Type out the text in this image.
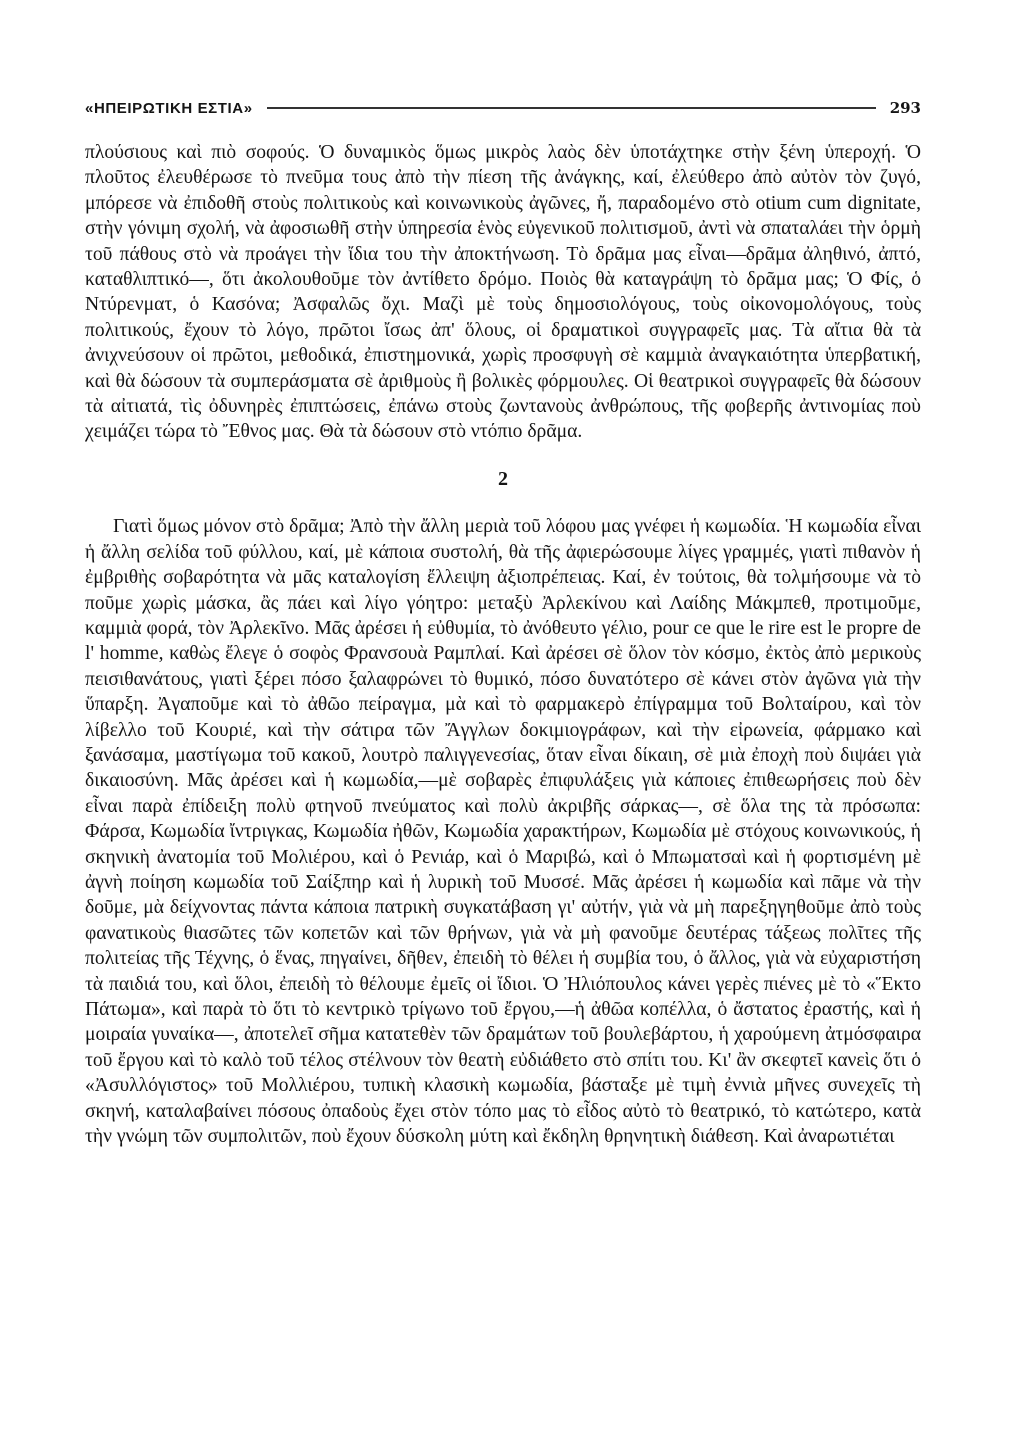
«ΗΠΕΙΡΩΤΙΚΗ ΕΣΤΙΑ»	293

πλούσιους καὶ πιὸ σοφούς. Ὁ δυναμικὸς ὅμως μικρὸς λαὸς δὲν ὑποτάχτηκε στὴν ξένη ὑπεροχή. Ὁ πλοῦτος ἐλευθέρωσε τὸ πνεῦμα τους ἀπὸ τὴν πίεση τῆς ἀνάγκης, καί, ἐλεύθερο ἀπὸ αὐτὸν τὸν ζυγό, μπόρεσε νὰ ἐπιδοθῆ στοὺς πολιτικοὺς καὶ κοινωνικοὺς ἀγῶνες, ἤ, παραδομένο στὸ otium cum dignitate, στὴν γόνιμη σχολή, νὰ ἀφοσιωθῆ στὴν ὑπηρεσία ἑνὸς εὐγενικοῦ πολιτισμοῦ, ἀντὶ νὰ σπαταλάει τὴν ὁρμὴ τοῦ πάθους στὸ νὰ προάγει τὴν ἴδια του τὴν ἀποκτήνωση. Τὸ δρᾶμα μας εἶναι—δρᾶμα ἀληθινό, ἀπτό, καταθλιπτικό—, ὅτι ἀκολουθοῦμε τὸν ἀντίθετο δρόμο. Ποιὸς θὰ καταγράψη τὸ δρᾶμα μας; Ὁ Φίς, ὁ Ντύρενματ, ὁ Κασόνα; Ἀσφαλῶς ὄχι. Μαζὶ μὲ τοὺς δημοσιολόγους, τοὺς οἰκονομολόγους, τοὺς πολιτικούς, ἔχουν τὸ λόγο, πρῶτοι ἴσως ἀπ' ὅλους, οἱ δραματικοὶ συγγραφεῖς μας. Τὰ αἴτια θὰ τὰ ἀνιχνεύσουν οἱ πρῶτοι, μεθοδικά, ἐπιστημονικά, χωρὶς προσφυγὴ σὲ καμμιὰ ἀναγκαιότητα ὑπερβατική, καὶ θὰ δώσουν τὰ συμπεράσματα σὲ ἀριθμοὺς ἢ βολικὲς φόρμουλες. Οἱ θεατρικοὶ συγγραφεῖς θὰ δώσουν τὰ αἰτιατά, τὶς ὀδυνηρὲς ἐπιπτώσεις, ἐπάνω στοὺς ζωντανοὺς ἀνθρώπους, τῆς φοβερῆς ἀντινομίας ποὺ χειμάζει τώρα τὸ Ἔθνος μας. Θὰ τὰ δώσουν στὸ ντόπιο δρᾶμα.

2

Γιατὶ ὅμως μόνον στὸ δρᾶμα; Ἀπὸ τὴν ἄλλη μεριὰ τοῦ λόφου μας γνέφει ἡ κωμωδία. Ἡ κωμωδία εἶναι ἡ ἄλλη σελίδα τοῦ φύλλου, καί, μὲ κάποια συστολή, θὰ τῆς ἀφιερώσουμε λίγες γραμμές, γιατὶ πιθανὸν ἡ ἐμβριθὴς σοβαρότητα νὰ μᾶς καταλογίση ἔλλειψη ἀξιοπρέπειας. Καί, ἐν τούτοις, θὰ τολμήσουμε νὰ τὸ ποῦμε χωρὶς μάσκα, ἂς πάει καὶ λίγο γόητρο: μεταξὺ Ἀρλεκίνου καὶ Λαίδης Μάκμπεθ, προτιμοῦμε, καμμιὰ φορά, τὸν Ἀρλεκῖνο. Μᾶς ἀρέσει ἡ εὐθυμία, τὸ ἀνόθευτο γέλιο, pour ce que le rire est le propre de l' homme, καθὼς ἔλεγε ὁ σοφὸς Φρανσουὰ Ραμπλαί. Καὶ ἀρέσει σὲ ὅλον τὸν κόσμο, ἐκτὸς ἀπὸ μερικοὺς πεισιθανάτους, γιατὶ ξέρει πόσο ξαλαφρώνει τὸ θυμικό, πόσο δυνατότερο σὲ κάνει στὸν ἀγῶνα γιὰ τὴν ὕπαρξη. Ἀγαποῦμε καὶ τὸ ἀθῶο πείραγμα, μὰ καὶ τὸ φαρμακερὸ ἐπίγραμμα τοῦ Βολταίρου, καὶ τὸν λίβελλο τοῦ Κουριέ, καὶ τὴν σάτιρα τῶν Ἄγγλων δοκιμιογράφων, καὶ τὴν εἰρωνεία, φάρμακο καὶ ξανάσαμα, μαστίγωμα τοῦ κακοῦ, λουτρὸ παλιγγενεσίας, ὅταν εἶναι δίκαιη, σὲ μιὰ ἐποχὴ ποὺ διψάει γιὰ δικαιοσύνη. Μᾶς ἀρέσει καὶ ἡ κωμωδία,—μὲ σοβαρὲς ἐπιφυλάξεις γιὰ κάποιες ἐπιθεωρήσεις ποὺ δὲν εἶναι παρὰ ἐπίδειξη πολὺ φτηνοῦ πνεύματος καὶ πολὺ ἀκριβῆς σάρκας—, σὲ ὅλα της τὰ πρόσωπα: Φάρσα, Κωμωδία ἴντριγκας, Κωμωδία ἠθῶν, Κωμωδία χαρακτήρων, Κωμωδία μὲ στόχους κοινωνικούς, ἡ σκηνικὴ ἀνατομία τοῦ Μολιέρου, καὶ ὁ Ρενιάρ, καὶ ὁ Μαριβώ, καὶ ὁ Μπωματσαὶ καὶ ἡ φορτισμένη μὲ ἀγνὴ ποίηση κωμωδία τοῦ Σαίξπηρ καὶ ἡ λυρικὴ τοῦ Μυσσέ. Μᾶς ἀρέσει ἡ κωμωδία καὶ πᾶμε νὰ τὴν δοῦμε, μὰ δείχνοντας πάντα κάποια πατρικὴ συγκατάβαση γι' αὐτήν, γιὰ νὰ μὴ παρεξηγηθοῦμε ἀπὸ τοὺς φανατικοὺς θιασῶτες τῶν κοπετῶν καὶ τῶν θρήνων, γιὰ νὰ μὴ φανοῦμε δευτέρας τάξεως πολῖτες τῆς πολιτείας τῆς Τέχνης, ὁ ἕνας, πηγαίνει, δῆθεν, ἐπειδὴ τὸ θέλει ἡ συμβία του, ὁ ἄλλος, γιὰ νὰ εὐχαριστήση τὰ παιδιά του, καὶ ὅλοι, ἐπειδὴ τὸ θέλουμε ἐμεῖς οἱ ἴδιοι. Ὁ Ἠλιόπουλος κάνει γερὲς πιένες μὲ τὸ «Ἕκτο Πάτωμα», καὶ παρὰ τὸ ὅτι τὸ κεντρικὸ τρίγωνο τοῦ ἔργου,—ἡ ἀθῶα κοπέλλα, ὁ ἄστατος ἐραστής, καὶ ἡ μοιραία γυναίκα—, ἀποτελεῖ σῆμα κατατεθὲν τῶν δραμάτων τοῦ βουλεβάρτου, ἡ χαρούμενη ἀτμόσφαιρα τοῦ ἔργου καὶ τὸ καλὸ τοῦ τέλος στέλνουν τὸν θεατὴ εὐδιάθετο στὸ σπίτι του. Κι' ἂν σκεφτεῖ κανεὶς ὅτι ὁ «Ἀσυλλόγιστος» τοῦ Μολλιέρου, τυπικὴ κλασικὴ κωμωδία, βάσταξε μὲ τιμὴ ἐννιὰ μῆνες συνεχεῖς τὴ σκηνή, καταλαβαίνει πόσους ὀπαδοὺς ἔχει στὸν τόπο μας τὸ εἶδος αὐτὸ τὸ θεατρικό, τὸ κατώτερο, κατὰ τὴν γνώμη τῶν συμπολιτῶν, ποὺ ἔχουν δύσκολη μύτη καὶ ἔκδηλη θρηνητικὴ διάθεση. Καὶ ἀναρωτιέται
